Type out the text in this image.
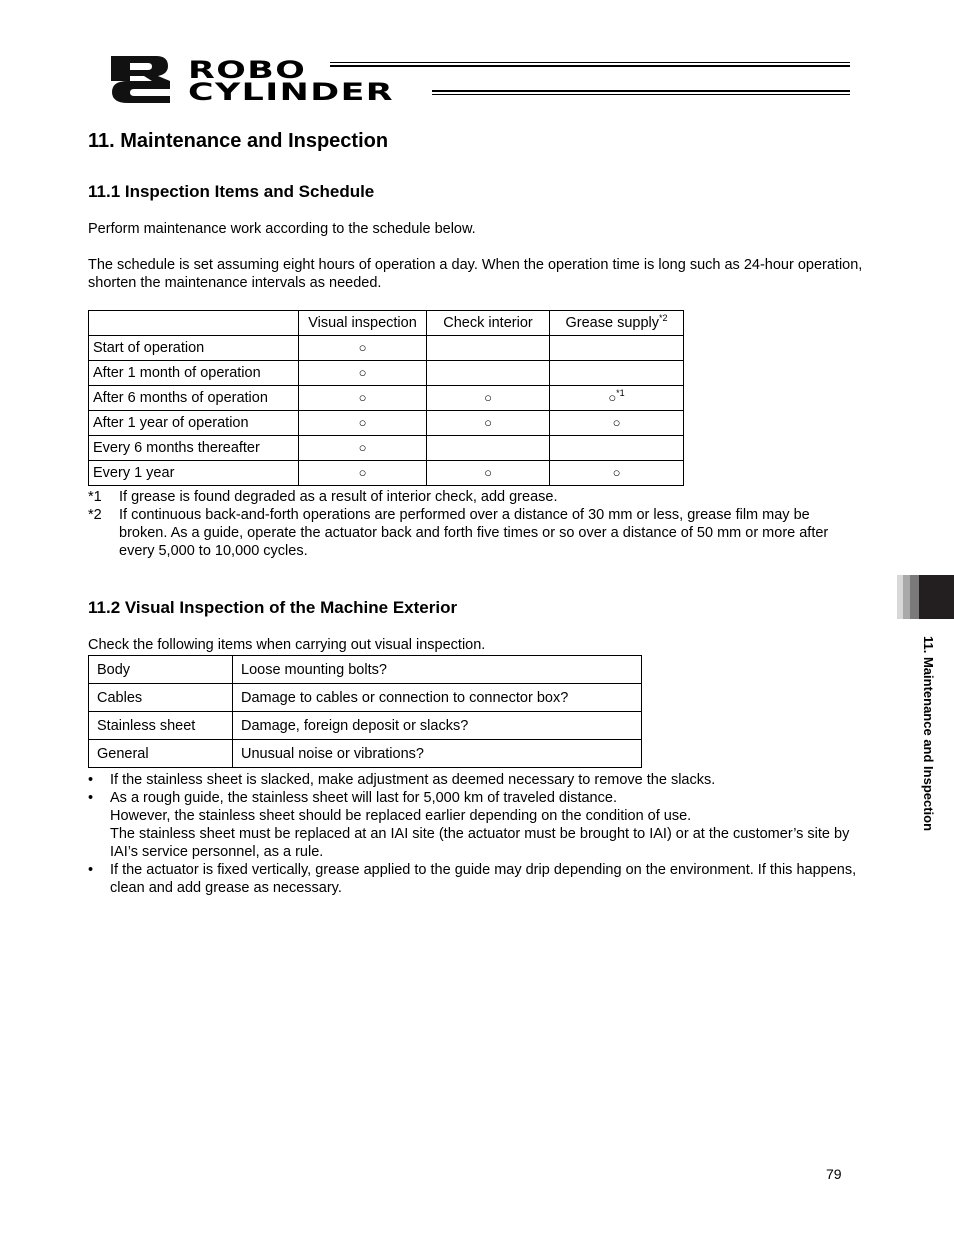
ROBO
CYLINDER
11. Maintenance and Inspection
11.1 Inspection Items and Schedule
Perform maintenance work according to the schedule below.
The schedule is set assuming eight hours of operation a day. When the operation time is long such as 24-hour operation, shorten the maintenance intervals as needed.
	Visual inspection	Check interior	Grease supply$^{*2}$
Start of operation	○		
After 1 month of operation	○		
After 6 months of operation	○	○	○$^{*1}$
After 1 year of operation	○	○	○
Every 6 months thereafter	○		
Every 1 year	○	○	○
*1	If grease is found degraded as a result of interior check, add grease.
*2	If continuous back-and-forth operations are performed over a distance of 30 mm or less, grease film may be broken. As a guide, operate the actuator back and forth five times or so over a distance of 50 mm or more after every 5,000 to 10,000 cycles.
11.2 Visual Inspection of the Machine Exterior
Check the following items when carrying out visual inspection.
Body	Loose mounting bolts?
Cables	Damage to cables or connection to connector box?
Stainless sheet	Damage, foreign deposit or slacks?
General	Unusual noise or vibrations?
•	If the stainless sheet is slacked, make adjustment as deemed necessary to remove the slacks.
•	As a rough guide, the stainless sheet will last for 5,000 km of traveled distance.
However, the stainless sheet should be replaced earlier depending on the condition of use.
The stainless sheet must be replaced at an IAI site (the actuator must be brought to IAI) or at the customer’s site by IAI’s service personnel, as a rule.
•	If the actuator is fixed vertically, grease applied to the guide may drip depending on the environment. If this happens, clean and add grease as necessary.
11. Maintenance and Inspection
79
